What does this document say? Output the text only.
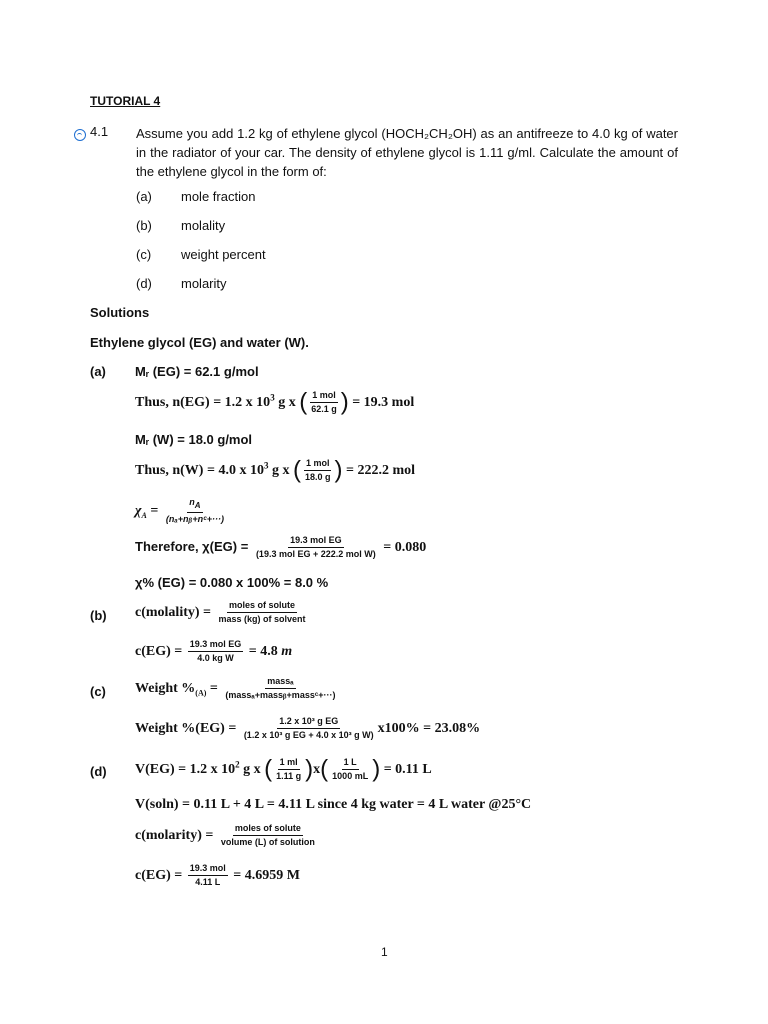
TUTORIAL 4
4.1 Assume you add 1.2 kg of ethylene glycol (HOCH₂CH₂OH) as an antifreeze to 4.0 kg of water in the radiator of your car. The density of ethylene glycol is 1.11 g/ml. Calculate the amount of the ethylene glycol in the form of:
(a) mole fraction
(b) molality
(c) weight percent
(d) molarity
Solutions
Ethylene glycol (EG) and water (W).
(a) Mᵣ (EG) = 62.1 g/mol
Thus, n(EG) = 1.2 x $10^3$ g x ( $\frac{\text{1 mol}}{62.1 g}$ ) = 19.3 mol
Mᵣ (W) = 18.0 g/mol
Thus, n(W) = 4.0 x $10^3$ g x ( $\frac{\text{1 mol}}{18.0 g}$ ) = 222.2 mol
$\chi_A = \frac{nA}{\text{(nₐ+nᵦ+nᶜ+···)}}$
Therefore, $\chi(EG) = \frac{\text{19.3 mol EG}}{\text{(19.3 mol EG + 222.2 mol W)}} = 0.080$
χ% (EG) = 0.080 x 100% = 8.0 %
(b) c(molality) = $\frac{\text{moles of solute}}{\text{mass (kg) of solvent}}$
$c(EG) = \frac{\text{19.3 mol EG}}{\text{4.0 kg W}} = 4.8$ m
(c) Weight $\%_{(A)} = \frac{\text{massₐ}}{\text{(massₐ+massᵦ+massᶜ+···)}}$
Weight $\%(EG) = \frac{\text{1.2 x 10³ g EG}}{\text{(1.2 x 10³ g EG + 4.0 x 10³ g W)}} x100\% = 23.08\%$
(d) V(EG) = 1.2 x $10^2$ g x ( $\frac{1 ml}{1.11 g} )x( \frac{1 L}{1000 mL}$ ) = 0.11 L
V(soln) = 0.11 L + 4 L = 4.11 L since 4 kg water = 4 L water @25°C
c(molarity) = $\frac{\text{moles of solute}}{\text{volume (L) of solution}}$
$c(EG) = \frac{\text{19.3 mol}}{4.11 L} = 4.6959$ M
1
